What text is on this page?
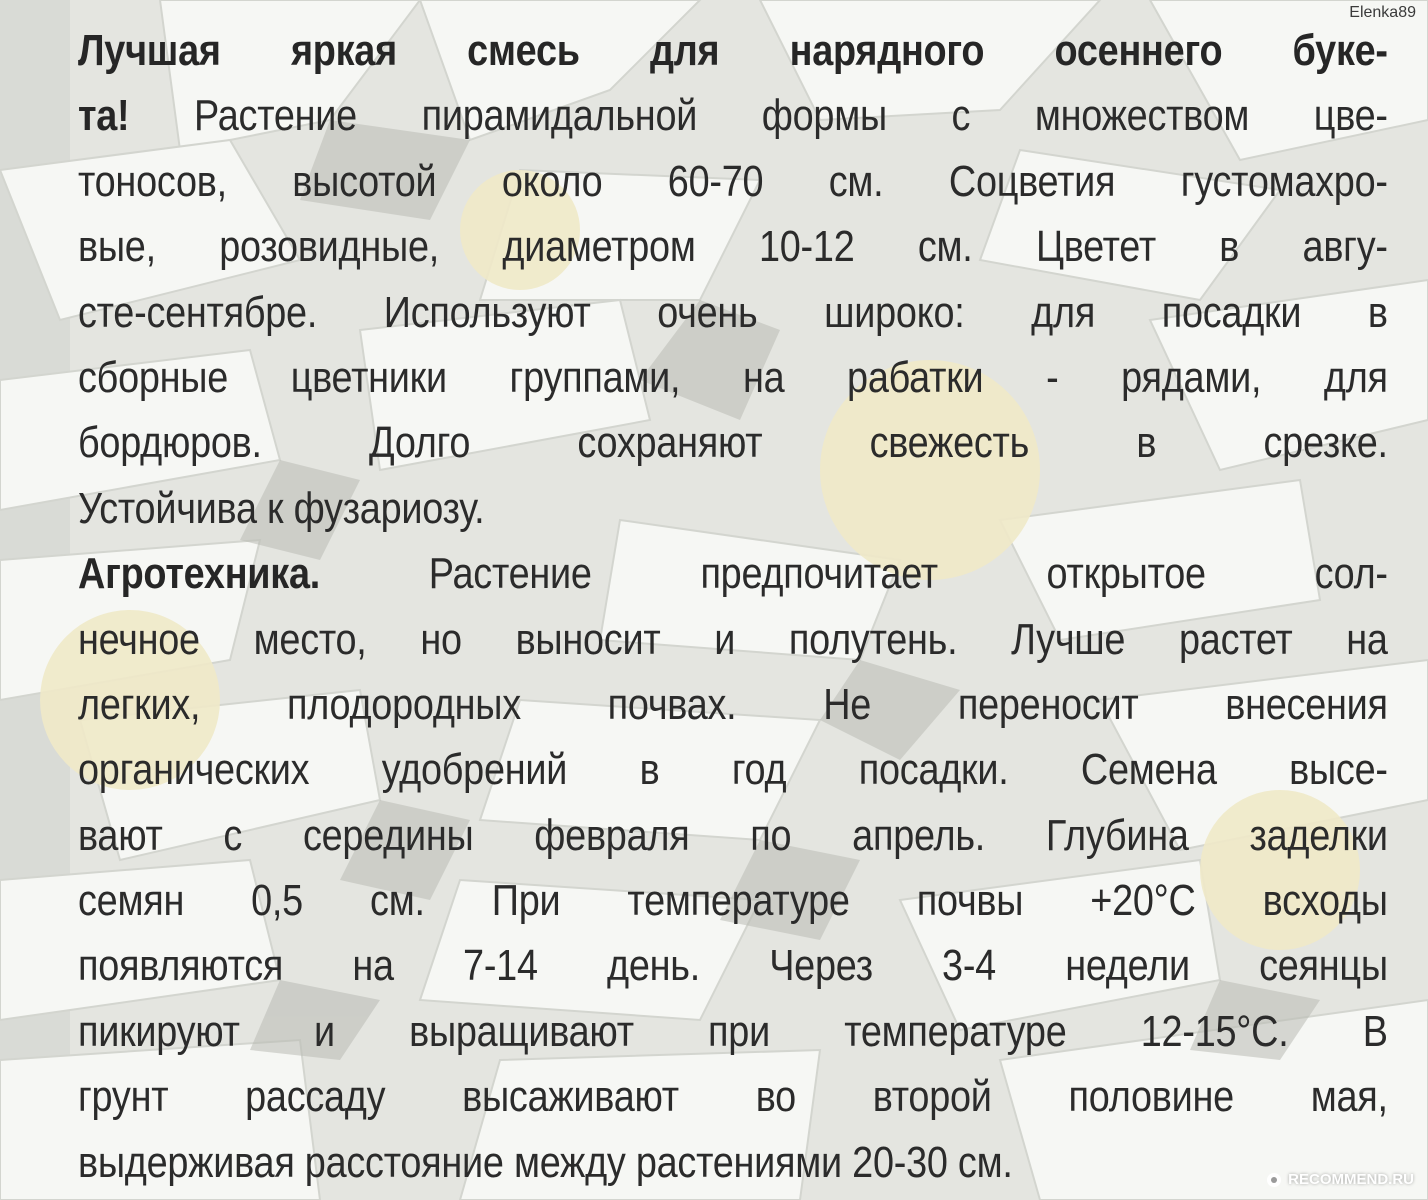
Elenka89
Лучшая яркая смесь для нарядного осеннего буке-
та! Растение пирамидальной формы с множеством цве-
тоносов, высотой около 60-70 см. Соцветия густомахро-
вые, розовидные, диаметром 10-12 см. Цветет в авгу-
сте-сентябре. Используют очень широко: для посадки в
сборные цветники группами, на рабатки - рядами, для
бордюров. Долго сохраняют свежесть в срезке.
Устойчива к фузариозу.
Агротехника. Растение предпочитает открытое сол-
нечное место, но выносит и полутень. Лучше растет на
легких, плодородных почвах. Не переносит внесения
органических удобрений в год посадки. Семена высе-
вают с середины февраля по апрель. Глубина заделки
семян 0,5 см. При температуре почвы +20°С всходы
появляются на 7-14 день. Через 3-4 недели сеянцы
пикируют и выращивают при температуре 12-15°С. В
грунт рассаду высаживают во второй половине мая,
выдерживая расстояние между растениями 20-30 см.	RECOMMEND.RU
